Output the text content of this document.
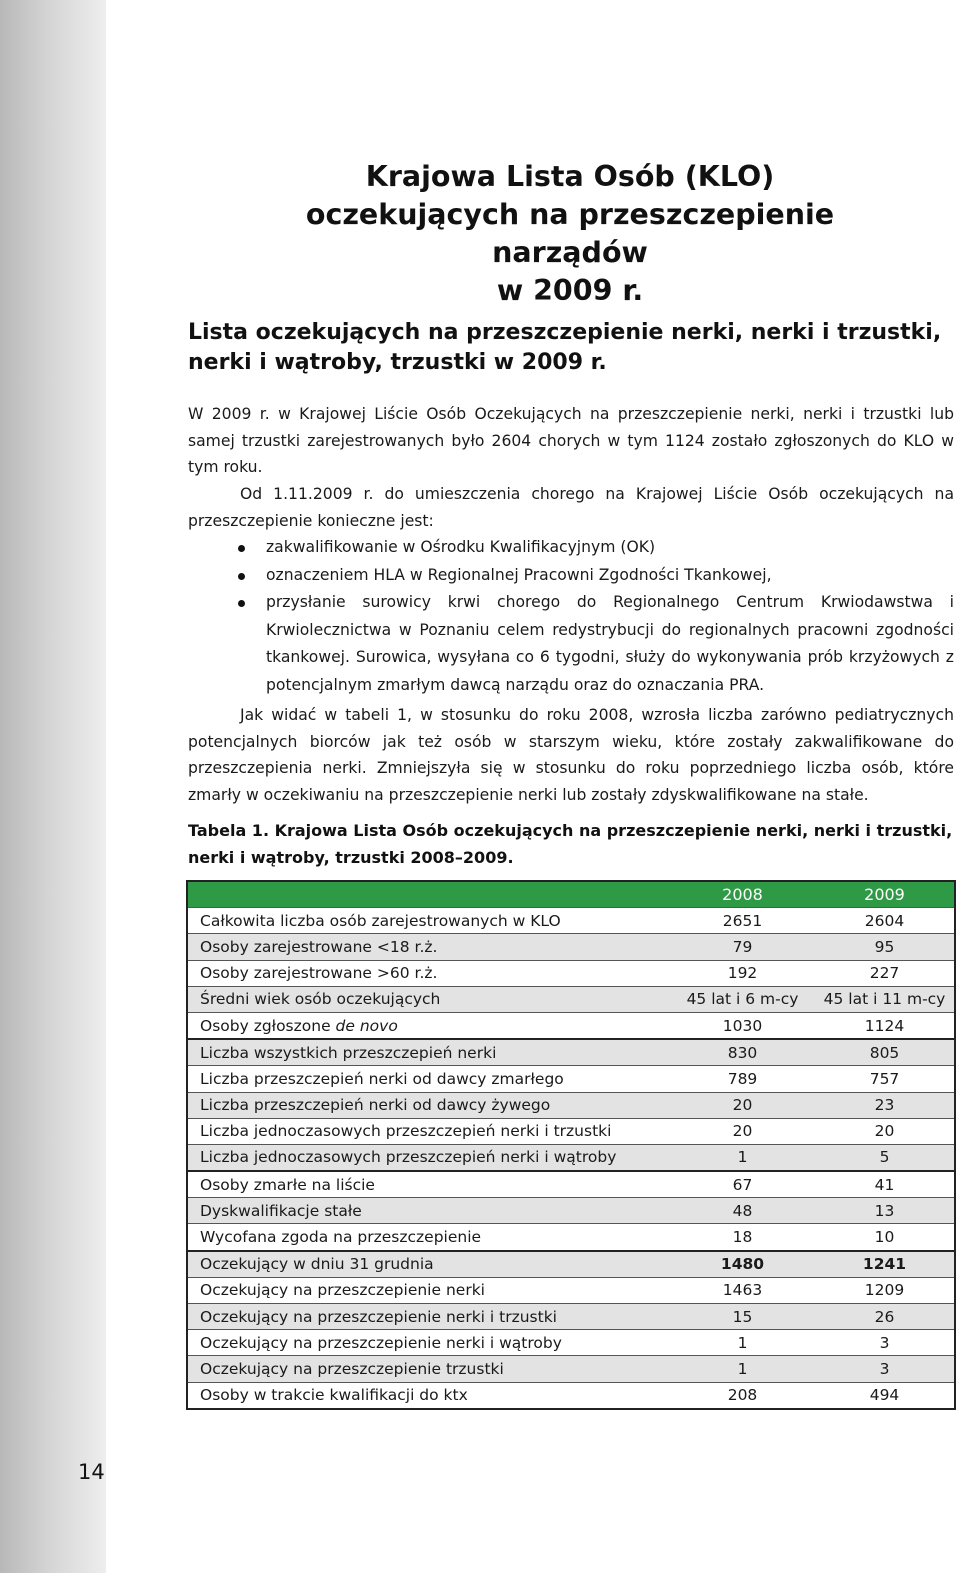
14
Krajowa Lista Osób (KLO)
oczekujących na przeszczepienie narządów
w 2009 r.
Lista oczekujących na przeszczepienie nerki, nerki i trzustki,
nerki i wątroby, trzustki w 2009 r.
W 2009 r. w Krajowej Liście Osób Oczekujących na przeszczepienie nerki, nerki i trzustki lub samej trzustki zarejestrowanych było 2604 chorych w tym 1124 zostało zgłoszonych do KLO w tym roku.
Od 1.11.2009 r. do umieszczenia chorego na Krajowej Liście Osób oczekujących na przeszczepienie konieczne jest:
zakwalifikowanie w Ośrodku Kwalifikacyjnym (OK)
oznaczeniem HLA w Regionalnej Pracowni Zgodności Tkankowej,
przysłanie surowicy krwi chorego do Regionalnego Centrum Krwiodawstwa i Krwiolecznictwa w Poznaniu celem redystrybucji do regionalnych pracowni zgodności tkankowej. Surowica, wysyłana co 6 tygodni, służy do wykonywania prób krzyżowych z potencjalnym zmarłym dawcą narządu oraz do oznaczania PRA.
Jak widać w tabeli 1, w stosunku do roku 2008, wzrosła liczba zarówno pediatrycznych potencjalnych biorców jak też osób w starszym wieku, które zostały zakwalifikowane do przeszczepienia nerki. Zmniejszyła się w stosunku do roku poprzedniego liczba osób, które zmarły w oczekiwaniu na przeszczepienie nerki lub zostały zdyskwalifikowane na stałe.
Tabela 1. Krajowa Lista Osób oczekujących na przeszczepienie nerki, nerki i trzustki, nerki i wątroby, trzustki 2008–2009.
	2008	2009
Całkowita liczba osób zarejestrowanych w KLO	2651	2604
Osoby zarejestrowane <18 r.ż.	79	95
Osoby zarejestrowane >60 r.ż.	192	227
Średni wiek osób oczekujących	45 lat i 6 m-cy	45 lat i 11 m-cy
Osoby zgłoszone de novo	1030	1124
Liczba wszystkich przeszczepień nerki	830	805
Liczba przeszczepień nerki od dawcy zmarłego	789	757
Liczba przeszczepień nerki od dawcy żywego	20	23
Liczba jednoczasowych przeszczepień nerki i trzustki	20	20
Liczba jednoczasowych przeszczepień nerki i wątroby	1	5
Osoby zmarłe na liście	67	41
Dyskwalifikacje stałe	48	13
Wycofana zgoda na przeszczepienie	18	10
Oczekujący w dniu 31 grudnia	1480	1241
Oczekujący na przeszczepienie nerki	1463	1209
Oczekujący na przeszczepienie nerki i trzustki	15	26
Oczekujący na przeszczepienie nerki i wątroby	1	3
Oczekujący na przeszczepienie trzustki	1	3
Osoby w trakcie kwalifikacji do ktx	208	494
